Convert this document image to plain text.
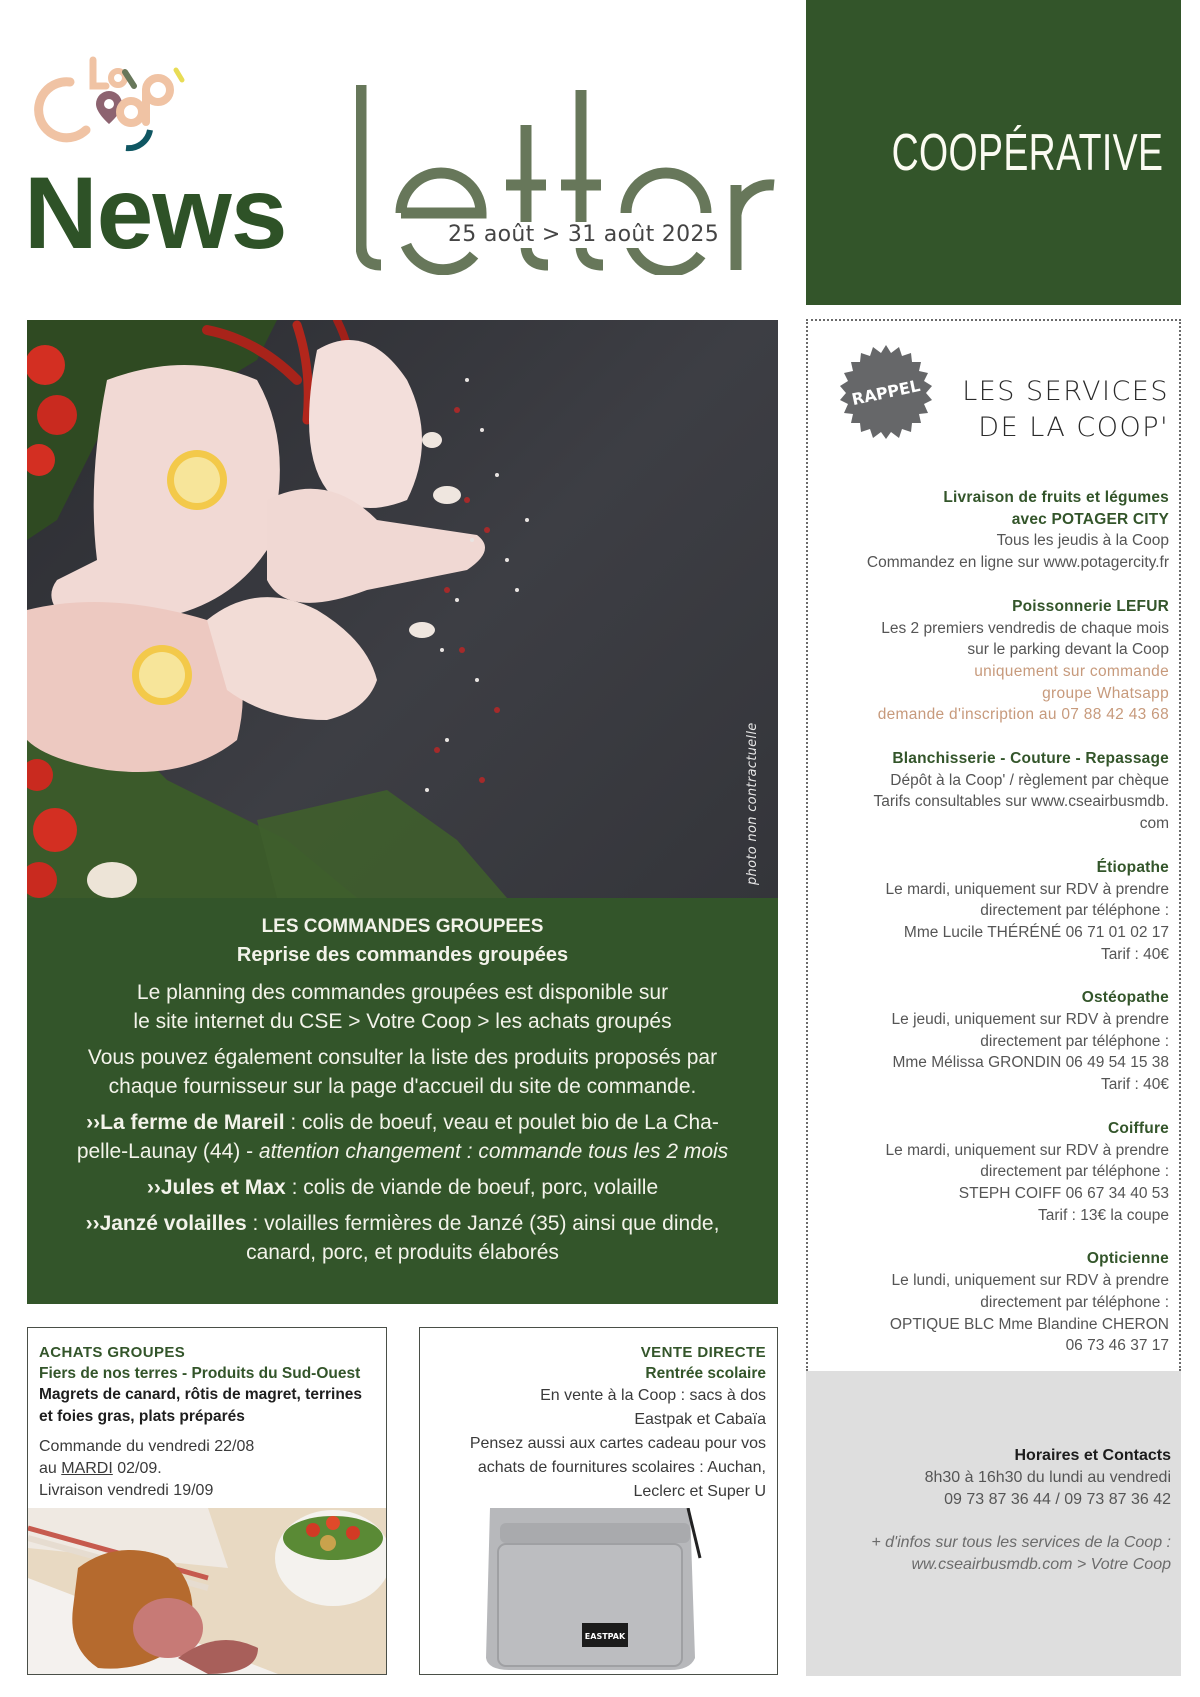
News	25 août > 31 août 2025
COOPÉRATIVE
photo non contractuelle
LES COMMANDES GROUPEES
Reprise des commandes groupées

Le planning des commandes groupées est disponible sur
le site internet du CSE > Votre Coop > les achats groupés

Vous pouvez également consulter la liste des produits proposés par
chaque fournisseur sur la page d'accueil du site de commande.

››La ferme de Mareil : colis de boeuf, veau et poulet bio de La Cha-
pelle-Launay (44) - attention changement : commande tous les 2 mois

››Jules et Max : colis de viande de boeuf, porc, volaille

››Janzé volailles : volailles fermières de Janzé (35) ainsi que dinde,
canard, porc, et produits élaborés

ACHATS GROUPES
Fiers de nos terres - Produits du Sud-Ouest
Magrets de canard, rôtis de magret, terrines et foies gras, plats préparés
Commande du vendredi 22/08
au MARDI 02/09.
Livraison vendredi 19/09
VENTE DIRECTE
Rentrée scolaire
En vente à la Coop : sacs à dos
Eastpak et Cabaïa
Pensez aussi aux cartes cadeau pour vos
achats de fournitures scolaires : Auchan,
Leclerc et Super U
EASTPAK
RAPPEL LES SERVICES
DE LA COOP'
Livraison de fruits et légumes
avec POTAGER CITY
Tous les jeudis à la Coop
Commandez en ligne sur www.potagercity.fr
Poissonnerie LEFUR
Les 2 premiers vendredis de chaque mois
sur le parking devant la Coop
uniquement sur commande
groupe Whatsapp
demande d'inscription au 07 88 42 43 68
Blanchisserie - Couture - Repassage
Dépôt à la Coop' / règlement par chèque
Tarifs consultables sur www.cseairbusmdb.
com
Étiopathe
Le mardi, uniquement sur RDV à prendre
directement par téléphone :
Mme Lucile THÉRÉNÉ 06 71 01 02 17
Tarif : 40€
Ostéopathe
Le jeudi, uniquement sur RDV à prendre
directement par téléphone :
Mme Mélissa GRONDIN 06 49 54 15 38
Tarif : 40€
Coiffure
Le mardi, uniquement sur RDV à prendre
directement par téléphone :
STEPH COIFF 06 67 34 40 53
Tarif : 13€ la coupe
Opticienne
Le lundi, uniquement sur RDV à prendre
directement par téléphone :
OPTIQUE BLC Mme Blandine CHERON
06 73 46 37 17
Horaires et Contacts
8h30 à 16h30 du lundi au vendredi
09 73 87 36 44 / 09 73 87 36 42
+ d'infos sur tous les services de la Coop :
ww.cseairbusmdb.com > Votre Coop
